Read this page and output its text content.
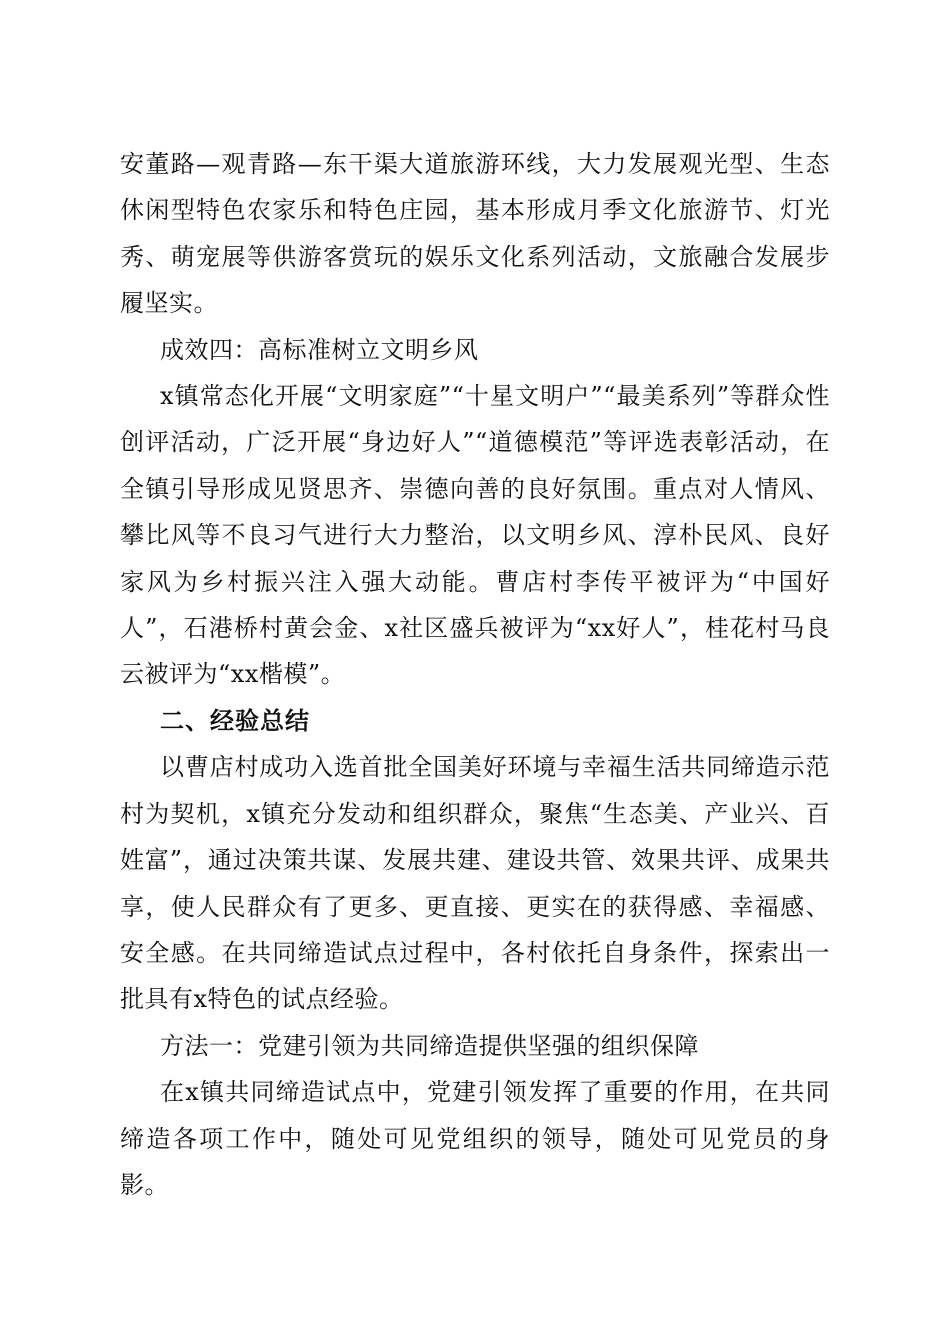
安董路—观青路—东干渠大道旅游环线，大力发展观光型、生态休闲型特色农家乐和特色庄园，基本形成月季文化旅游节、灯光秀、萌宠展等供游客赏玩的娱乐文化系列活动，文旅融合发展步履坚实。

成效四：高标准树立文明乡风

x镇常态化开展“文明家庭”“十星文明户”“最美系列”等群众性创评活动，广泛开展“身边好人”“道德模范”等评选表彰活动，在全镇引导形成见贤思齐、崇德向善的良好氛围。重点对人情风、攀比风等不良习气进行大力整治，以文明乡风、淳朴民风、良好家风为乡村振兴注入强大动能。曹店村李传平被评为“中国好人”，石港桥村黄会金、x社区盛兵被评为“xx好人”，桂花村马良云被评为“xx楷模”。

二、经验总结

以曹店村成功入选首批全国美好环境与幸福生活共同缔造示范村为契机，x镇充分发动和组织群众，聚焦“生态美、产业兴、百姓富”，通过决策共谋、发展共建、建设共管、效果共评、成果共享，使人民群众有了更多、更直接、更实在的获得感、幸福感、安全感。在共同缔造试点过程中，各村依托自身条件，探索出一批具有x特色的试点经验。

方法一：党建引领为共同缔造提供坚强的组织保障

在x镇共同缔造试点中，党建引领发挥了重要的作用，在共同缔造各项工作中，随处可见党组织的领导，随处可见党员的身影。
